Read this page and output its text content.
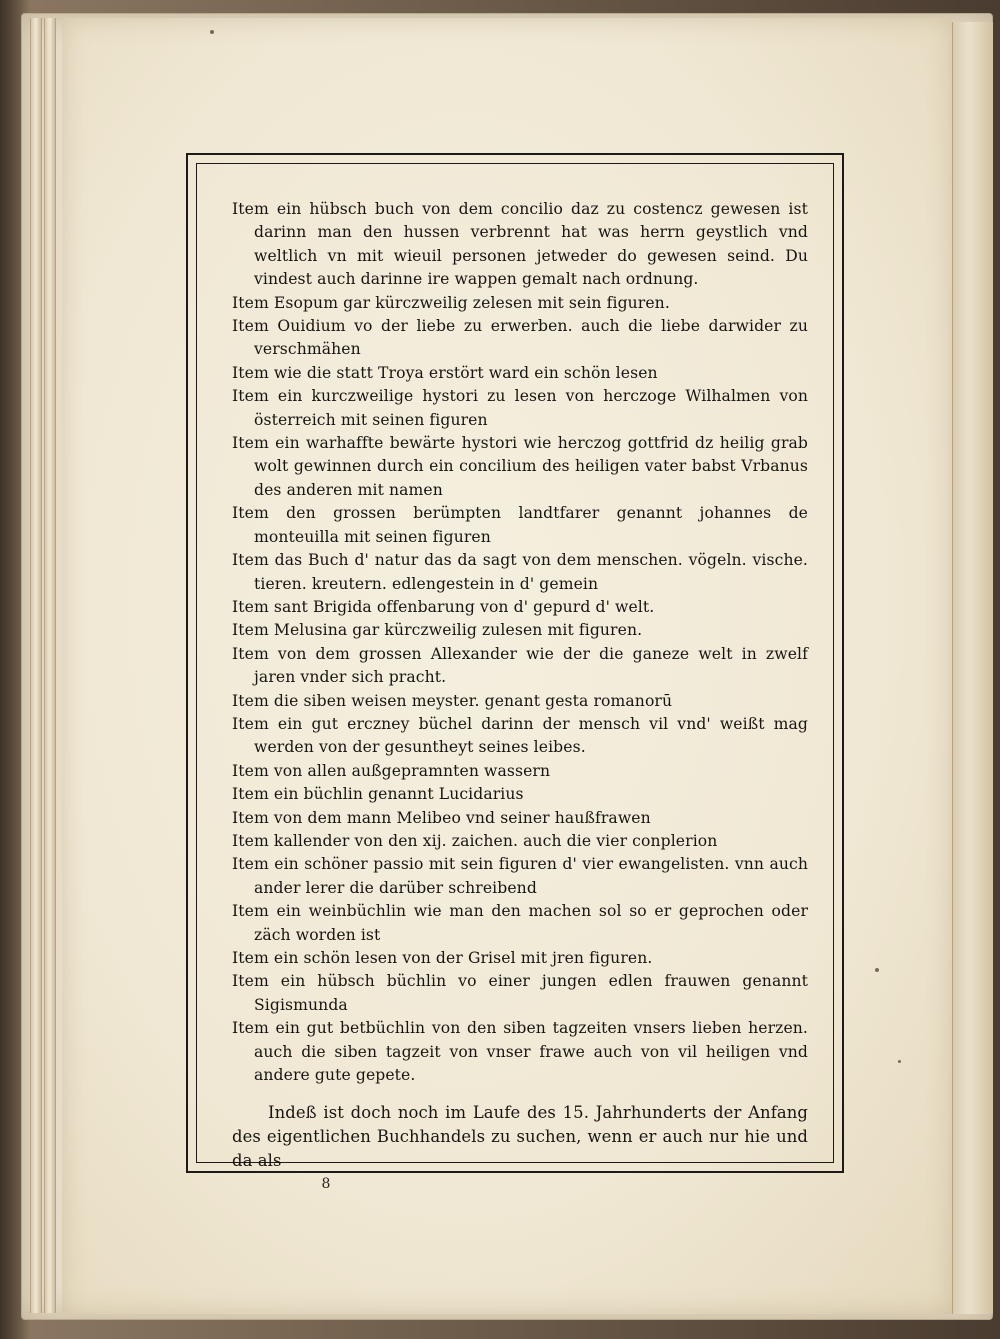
Item ein hübsch buch von dem concilio daz zu costencz gewesen ist darinn man den hussen verbrennt hat was herrn geystlich vnd weltlich vn mit wieuil personen jetweder do gewesen seind. Du vindest auch darinne ire wappen gemalt nach ordnung.

Item Esopum gar kürczweilig zelesen mit sein figuren.

Item Ouidium vo der liebe zu erwerben. auch die liebe darwider zu verschmähen

Item wie die statt Troya erstört ward ein schön lesen

Item ein kurczweilige hystori zu lesen von herczoge Wilhalmen von österreich mit seinen figuren

Item ein warhaffte bewärte hystori wie herczog gottfrid dz heilig grab wolt gewinnen durch ein concilium des heiligen vater babst Vrbanus des anderen mit namen

Item den grossen berümpten landtfarer genannt johannes de monteuilla mit seinen figuren

Item das Buch d' natur das da sagt von dem menschen. vögeln. vische. tieren. kreutern. edlengestein in d' gemein

Item sant Brigida offenbarung von d' gepurd d' welt.

Item Melusina gar kürczweilig zulesen mit figuren.

Item von dem grossen Allexander wie der die ganeze welt in zwelf jaren vnder sich pracht.

Item die siben weisen meyster. genant gesta romanorū

Item ein gut erczney büchel darinn der mensch vil vnd' weißt mag werden von der gesuntheyt seines leibes.

Item von allen außgepramnten wassern

Item ein büchlin genannt Lucidarius

Item von dem mann Melibeo vnd seiner haußfrawen

Item kallender von den xij. zaichen. auch die vier conplerion

Item ein schöner passio mit sein figuren d' vier ewangelisten. vnn auch ander lerer die darüber schreibend

Item ein weinbüchlin wie man den machen sol so er geprochen oder zäch worden ist

Item ein schön lesen von der Grisel mit jren figuren.

Item ein hübsch büchlin vo einer jungen edlen frauwen genannt Sigismunda

Item ein gut betbüchlin von den siben tagzeiten vnsers lieben herzen. auch die siben tagzeit von vnser frawe auch von vil heiligen vnd andere gute gepete.

Indeß ist doch noch im Laufe des 15. Jahrhunderts der Anfang des eigentlichen Buchhandels zu suchen, wenn er auch nur hie und da als

8
